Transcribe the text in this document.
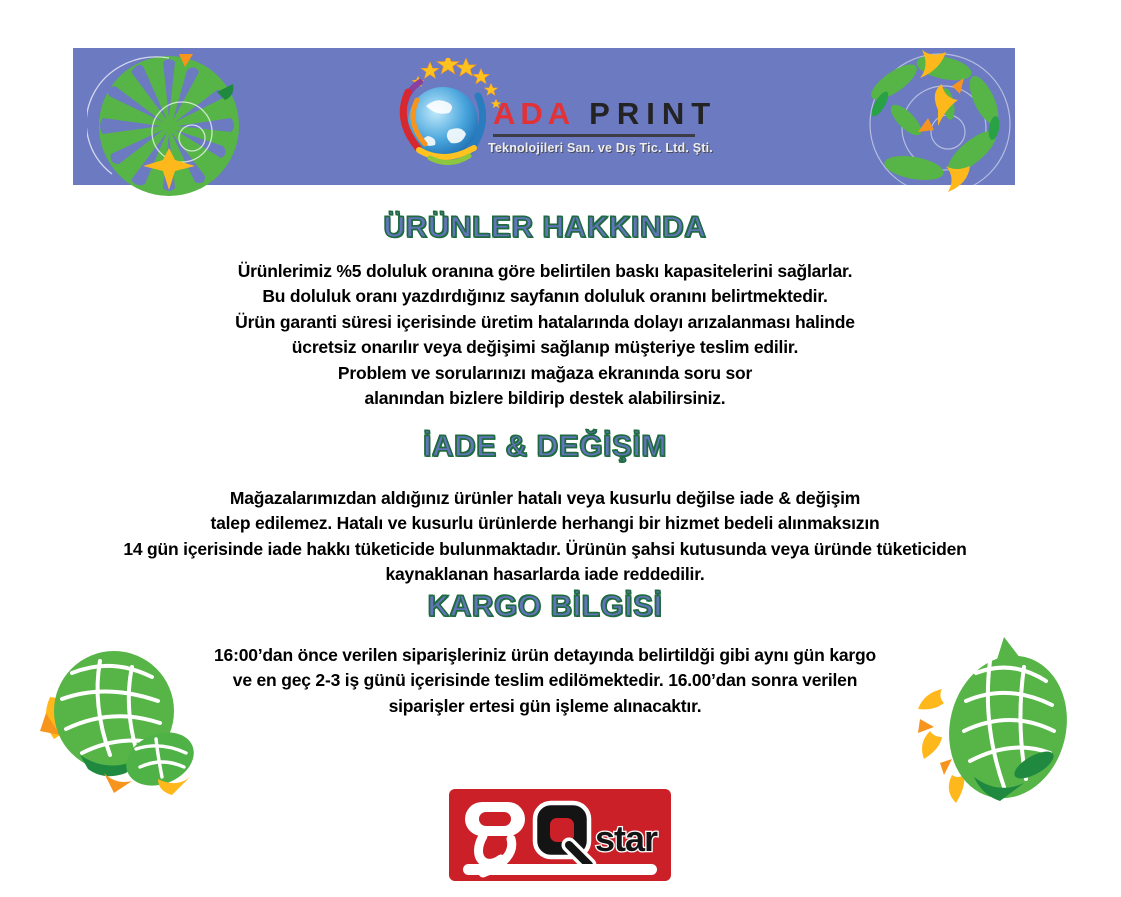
ADA PRINT
Teknolojileri San. ve Dış Tic. Ltd. Şti.
ÜRÜNLER HAKKINDA
Ürünlerimiz %5 doluluk oranına göre belirtilen baskı kapasitelerini sağlarlar.
Bu doluluk oranı yazdırdığınız sayfanın doluluk oranını belirtmektedir.
Ürün garanti süresi içerisinde üretim hatalarında dolayı arızalanması halinde
ücretsiz onarılır veya değişimi sağlanıp müşteriye teslim edilir.
Problem ve sorularınızı mağaza ekranında soru sor
alanından bizlere bildirip destek alabilirsiniz.
İADE & DEĞİŞİM
Mağazalarımızdan aldığınız ürünler hatalı veya kusurlu değilse iade & değişim
talep edilemez. Hatalı ve kusurlu ürünlerde herhangi bir hizmet bedeli alınmaksızın
14 gün içerisinde iade hakkı tüketicide bulunmaktadır. Ürünün şahsi kutusunda veya üründe tüketiciden
kaynaklanan hasarlarda iade reddedilir.
KARGO BİLGİSİ
16:00’dan önce verilen siparişleriniz ürün detayında belirtildği gibi aynı gün kargo
ve en geç 2-3 iş günü içerisinde teslim edilömektedir. 16.00’dan sonra verilen
siparişler ertesi gün işleme alınacaktır.
star
